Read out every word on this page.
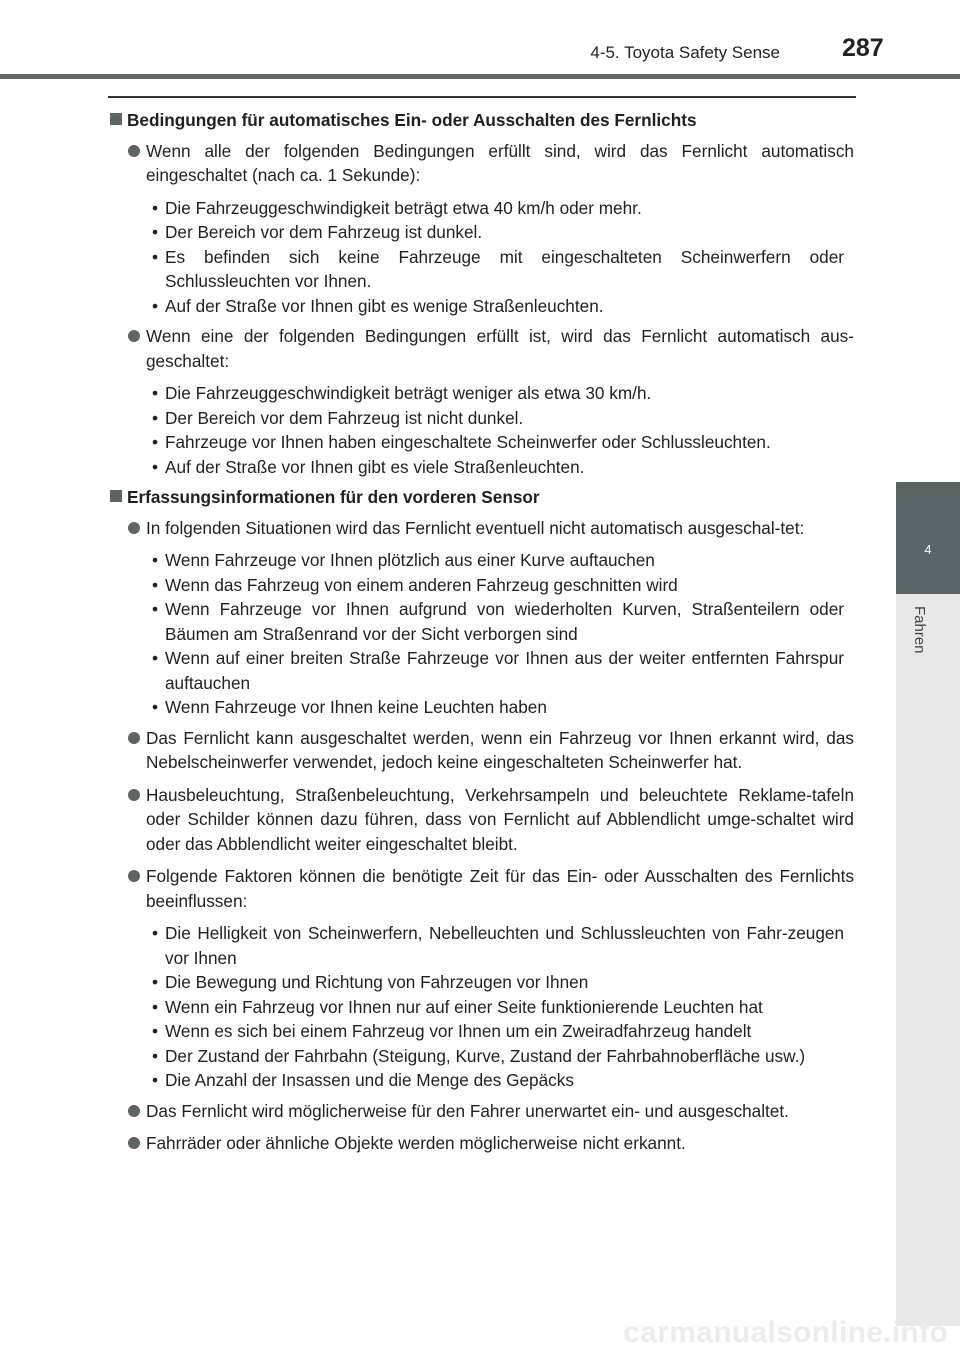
4-5. Toyota Safety Sense 287
4
Fahren
Bedingungen für automatisches Ein- oder Ausschalten des Fernlichts
Wenn alle der folgenden Bedingungen erfüllt sind, wird das Fernlicht automatisch eingeschaltet (nach ca. 1 Sekunde):
• Die Fahrzeuggeschwindigkeit beträgt etwa 40 km/h oder mehr.
• Der Bereich vor dem Fahrzeug ist dunkel.
• Es befinden sich keine Fahrzeuge mit eingeschalteten Scheinwerfern oder Schlussleuchten vor Ihnen.
• Auf der Straße vor Ihnen gibt es wenige Straßenleuchten.
Wenn eine der folgenden Bedingungen erfüllt ist, wird das Fernlicht automatisch aus-geschaltet:
• Die Fahrzeuggeschwindigkeit beträgt weniger als etwa 30 km/h.
• Der Bereich vor dem Fahrzeug ist nicht dunkel.
• Fahrzeuge vor Ihnen haben eingeschaltete Scheinwerfer oder Schlussleuchten.
• Auf der Straße vor Ihnen gibt es viele Straßenleuchten.
Erfassungsinformationen für den vorderen Sensor
In folgenden Situationen wird das Fernlicht eventuell nicht automatisch ausgeschal-tet:
• Wenn Fahrzeuge vor Ihnen plötzlich aus einer Kurve auftauchen
• Wenn das Fahrzeug von einem anderen Fahrzeug geschnitten wird
• Wenn Fahrzeuge vor Ihnen aufgrund von wiederholten Kurven, Straßenteilern oder Bäumen am Straßenrand vor der Sicht verborgen sind
• Wenn auf einer breiten Straße Fahrzeuge vor Ihnen aus der weiter entfernten Fahrspur auftauchen
• Wenn Fahrzeuge vor Ihnen keine Leuchten haben
Das Fernlicht kann ausgeschaltet werden, wenn ein Fahrzeug vor Ihnen erkannt wird, das Nebelscheinwerfer verwendet, jedoch keine eingeschalteten Scheinwerfer hat.
Hausbeleuchtung, Straßenbeleuchtung, Verkehrsampeln und beleuchtete Reklame-tafeln oder Schilder können dazu führen, dass von Fernlicht auf Abblendlicht umge-schaltet wird oder das Abblendlicht weiter eingeschaltet bleibt.
Folgende Faktoren können die benötigte Zeit für das Ein- oder Ausschalten des Fernlichts beeinflussen:
• Die Helligkeit von Scheinwerfern, Nebelleuchten und Schlussleuchten von Fahr-zeugen vor Ihnen
• Die Bewegung und Richtung von Fahrzeugen vor Ihnen
• Wenn ein Fahrzeug vor Ihnen nur auf einer Seite funktionierende Leuchten hat
• Wenn es sich bei einem Fahrzeug vor Ihnen um ein Zweiradfahrzeug handelt
• Der Zustand der Fahrbahn (Steigung, Kurve, Zustand der Fahrbahnoberfläche usw.)
• Die Anzahl der Insassen und die Menge des Gepäcks
Das Fernlicht wird möglicherweise für den Fahrer unerwartet ein- und ausgeschaltet.
Fahrräder oder ähnliche Objekte werden möglicherweise nicht erkannt.
carmanualsonline.info
